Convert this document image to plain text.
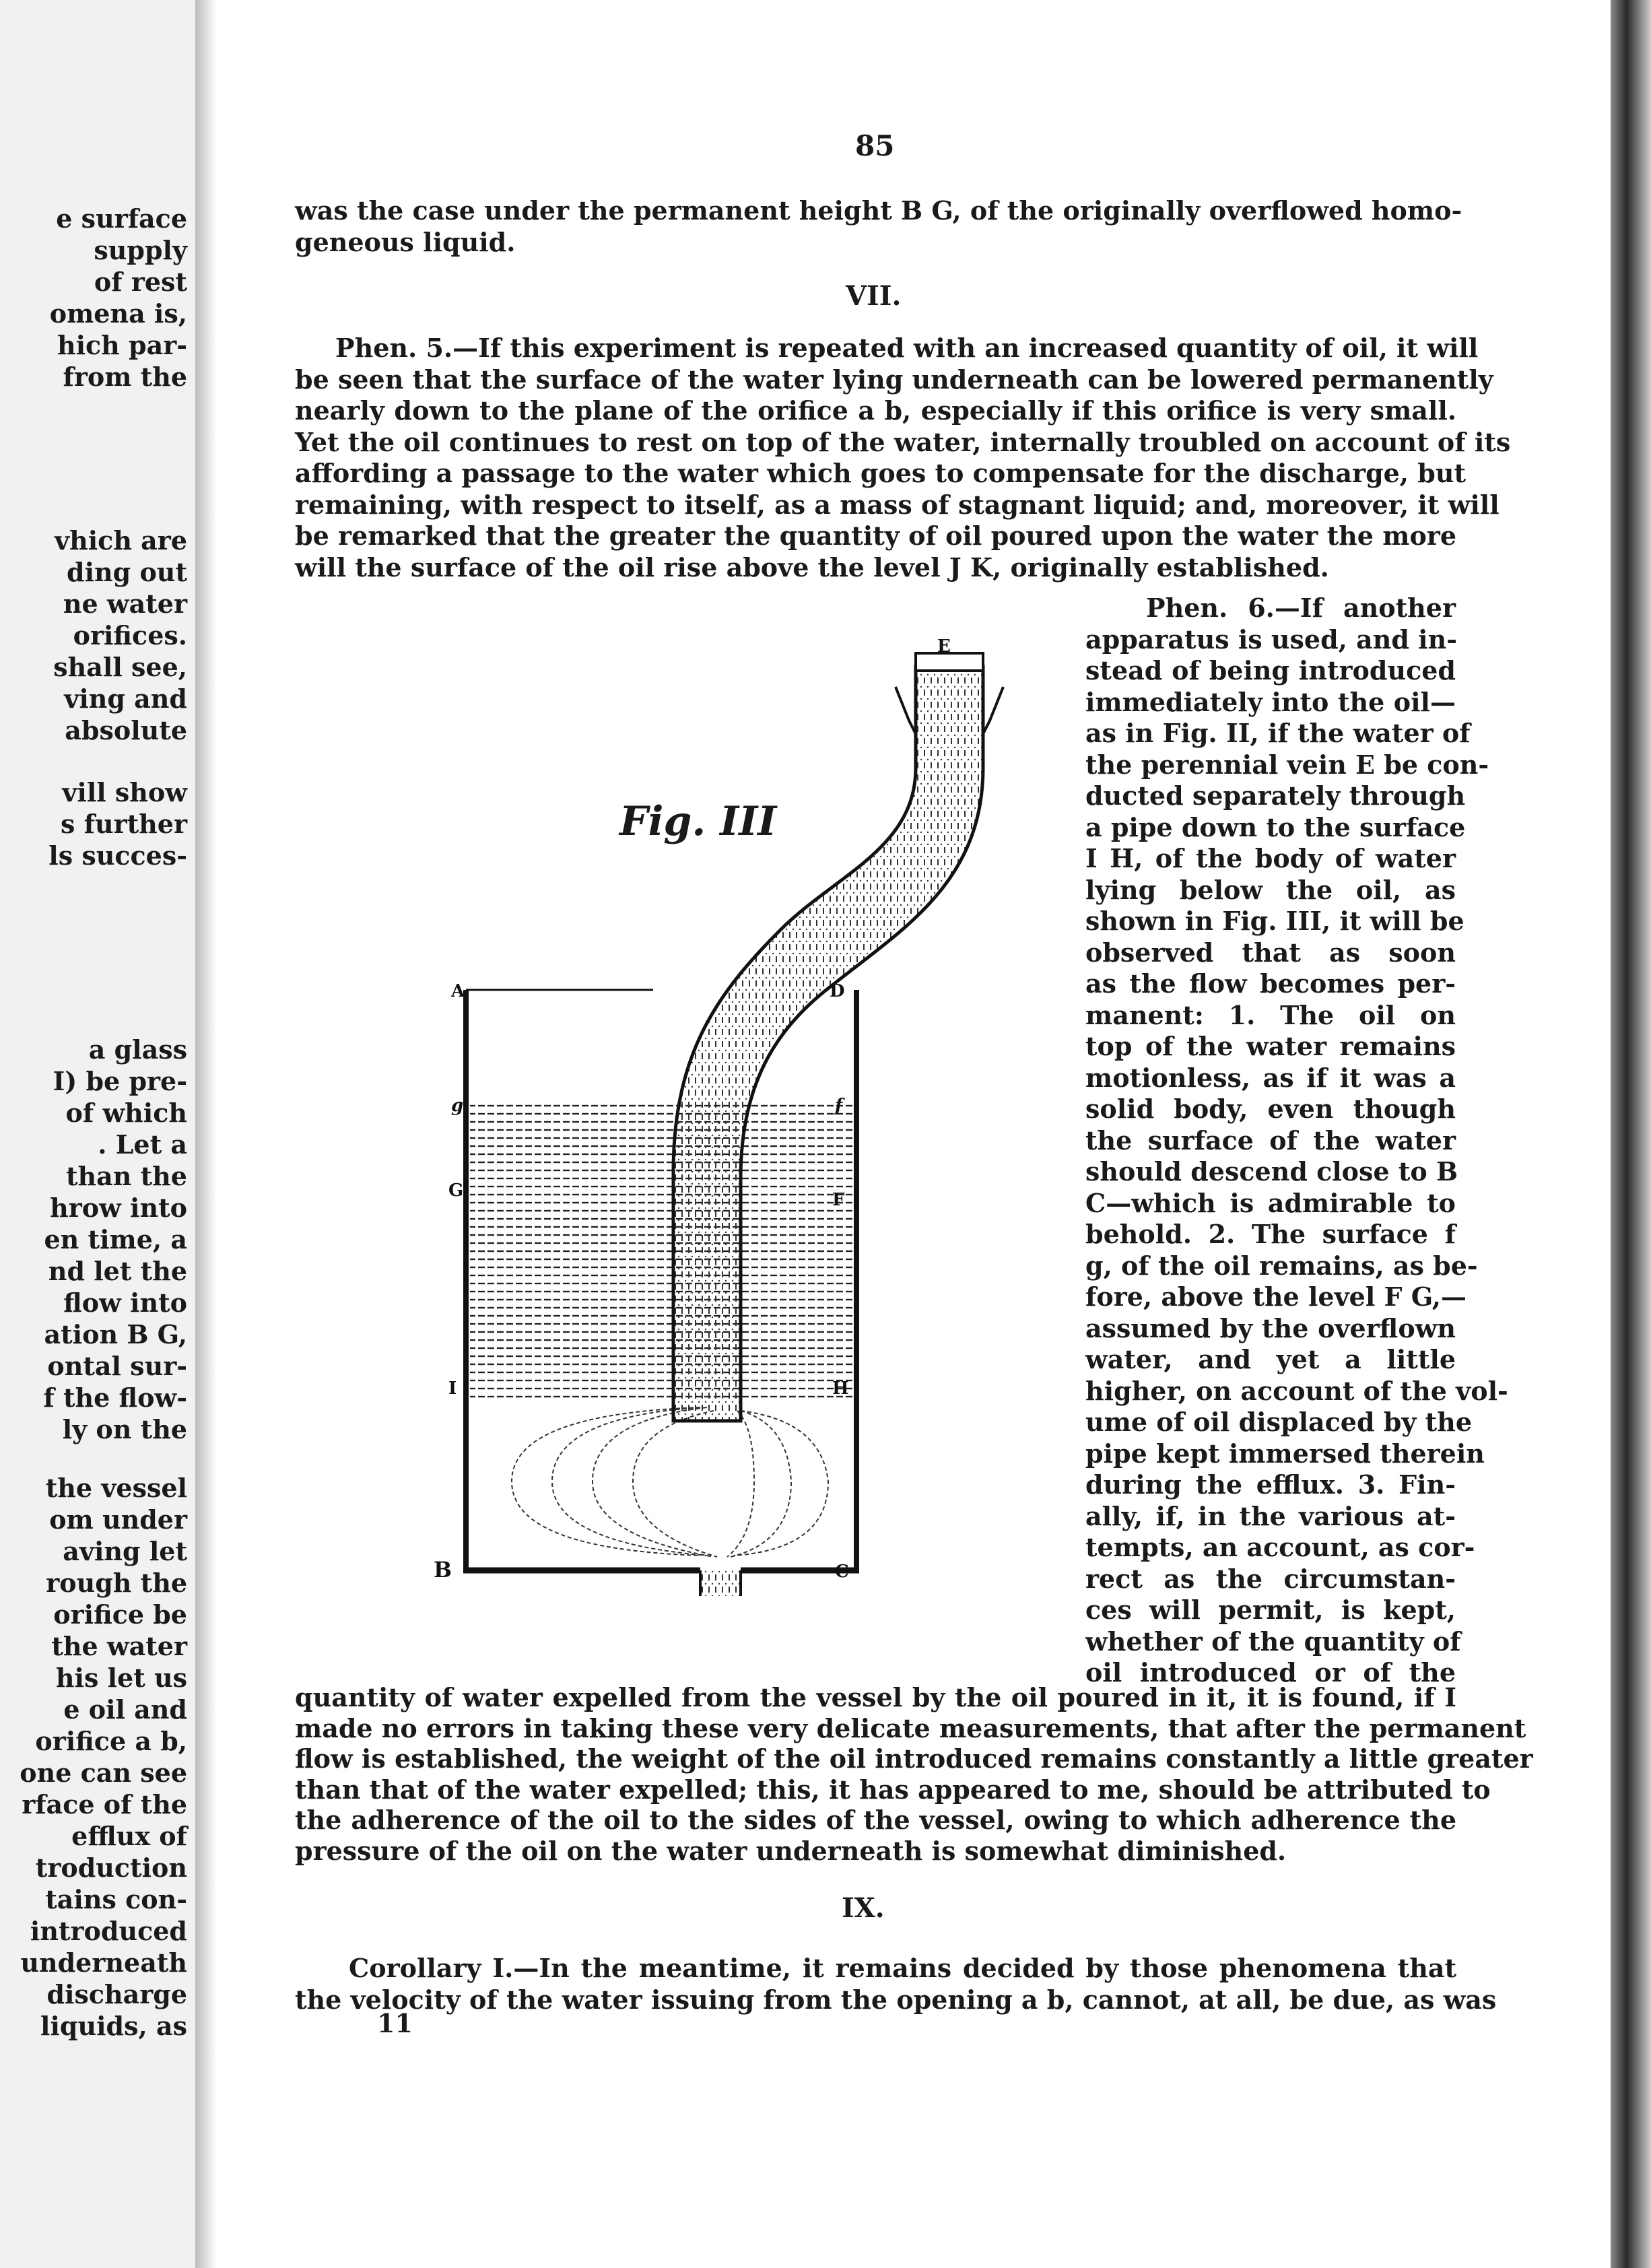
e surface
supply
of rest
omena is,
hich par-
from the
vhich are
ding out
ne water
orifices.
shall see,
ving and
absolute
vill show
s further
ls succes-
a glass
I) be pre-
of which
. Let a
than the
hrow into
en time, a
nd let the
flow into
ation B G,
ontal sur-
f the flow-
ly on the
the vessel
om under
aving let
rough the
orifice be
the water
his let us
e oil and
orifice a b,
one can see
rface of the
efflux of
troduction
tains con-
introduced
underneath
discharge
liquids, as
85
was the case under the permanent height B G, of the originally overflowed homo-
geneous liquid.
VII.
Phen. 5.—If this experiment is repeated with an increased quantity of oil, it will
be seen that the surface of the water lying underneath can be lowered permanently
nearly down to the plane of the orifice a b, especially if this orifice is very small.
Yet the oil continues to rest on top of the water, internally troubled on account of its
affording a passage to the water which goes to compensate for the discharge, but
remaining, with respect to itself, as a mass of stagnant liquid; and, moreover, it will
be remarked that the greater the quantity of oil poured upon the water the more
will the surface of the oil rise above the level J K, originally established.
Fig. III
E
A	D
g	f
G	F
I	H
B	C
Phen. 6.—If another
apparatus is used, and in-
stead of being introduced
immediately into the oil—
as in Fig. II, if the water of
the perennial vein E be con-
ducted separately through
a pipe down to the surface
I H, of the body of water
lying below the oil, as
shown in Fig. III, it will be
observed that as soon
as the flow becomes per-
manent: 1. The oil on
top of the water remains
motionless, as if it was a
solid body, even though
the surface of the water
should descend close to B
C—which is admirable to
behold. 2. The surface f
g, of the oil remains, as be-
fore, above the level F G,—
assumed by the overflown
water, and yet a little
higher, on account of the vol-
ume of oil displaced by the
pipe kept immersed therein
during the efflux. 3. Fin-
ally, if, in the various at-
tempts, an account, as cor-
rect as the circumstan-
ces will permit, is kept,
whether of the quantity of
oil introduced or of the
quantity of water expelled from the vessel by the oil poured in it, it is found, if I
made no errors in taking these very delicate measurements, that after the permanent
flow is established, the weight of the oil introduced remains constantly a little greater
than that of the water expelled; this, it has appeared to me, should be attributed to
the adherence of the oil to the sides of the vessel, owing to which adherence the
pressure of the oil on the water underneath is somewhat diminished.
IX.
Corollary I.—In the meantime, it remains decided by those phenomena that
the velocity of the water issuing from the opening a b, cannot, at all, be due, as was
11
